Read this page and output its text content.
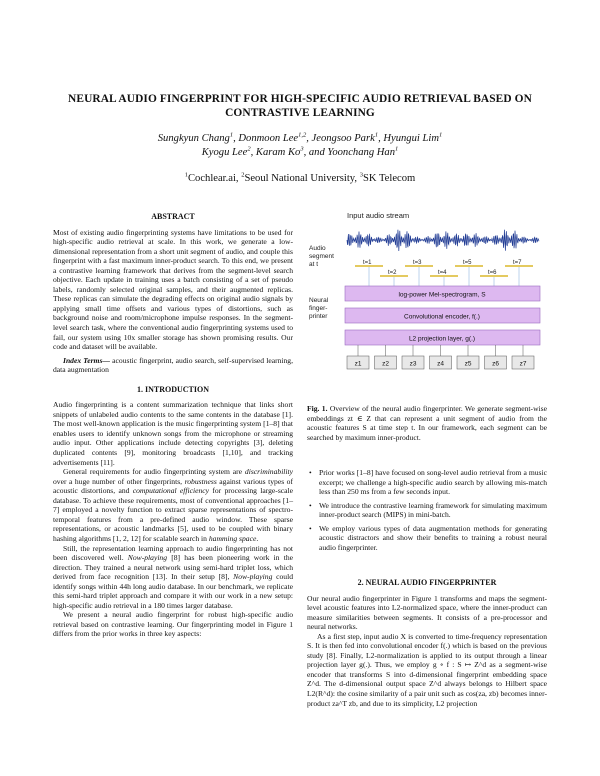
NEURAL AUDIO FINGERPRINT FOR HIGH-SPECIFIC AUDIO RETRIEVAL BASED ON CONTRASTIVE LEARNING
Sungkyun Chang$^1$, Donmoon Lee$^{1,2}$, Jeongsoo Park$^1$, Hyungui Lim$^1$
Kyogu Lee$^2$, Karam Ko$^3$, and Yoonchang Han$^1$
$^1$Cochlear.ai, $^2$Seoul National University, $^3$SK Telecom

ABSTRACT

Most of existing audio fingerprinting systems have limitations to be used for high-specific audio retrieval at scale. In this work, we generate a low-dimensional representation from a short unit segment of audio, and couple this fingerprint with a fast maximum inner-product search. To this end, we present a contrastive learning framework that derives from the segment-level search objective. Each update in training uses a batch consisting of a set of pseudo labels, randomly selected original samples, and their augmented replicas. These replicas can simulate the degrading effects on original audio signals by applying small time offsets and various types of distortions, such as background noise and room/microphone impulse responses. In the segment-level search task, where the conventional audio fingerprinting systems used to fail, our system using 10x smaller storage has shown promising results. Our code and dataset will be available.

Index Terms— acoustic fingerprint, audio search, self-supervised learning, data augmentation

1. INTRODUCTION

Audio fingerprinting is a content summarization technique that links short snippets of unlabeled audio contents to the same contents in the database [1]. The most well-known application is the music fingerprinting system [1–8] that enables users to identify unknown songs from the microphone or streaming audio input. Other applications include detecting copyrights [3], deleting duplicated contents [9], monitoring broadcasts [1,10], and tracking advertisements [11].

General requirements for audio fingerprinting system are discriminability over a huge number of other fingerprints, robustness against various types of acoustic distortions, and computational efficiency for processing large-scale database. To achieve these requirements, most of conventional approaches [1–7] employed a novelty function to extract sparse representations of spectro-temporal features from a pre-defined audio window. These sparse representations, or acoustic landmarks [5], used to be coupled with binary hashing algorithms [1, 2, 12] for scalable search in hamming space.

Still, the representation learning approach to audio fingerprinting has not been discovered well. Now-playing [8] has been pioneering work in the direction. They trained a neural network using semi-hard triplet loss, which derived from face recognition [13]. In their setup [8], Now-playing could identify songs within 44h long audio database. In our benchmark, we replicate this semi-hard triplet approach and compare it with our work in a new setup: high-specific audio retrieval in a 180 times larger database.

We present a neural audio fingerprint for robust high-specific audio retrieval based on contrastive learning. Our fingerprinting model in Figure 1 differs from the prior works in three key aspects:

Input audio stream
Audio segment at t	t=1
t=2
t=3
t=4
t=5
t=6
t=7
Neural finger-printer
log-power Mel-spectrogram, S
Convolutional encoder, f(.)
L2 projection layer, g(.)
z1	z2	z3	z4	z5	z6	z7

Fig. 1. Overview of the neural audio fingerprinter. We generate segment-wise embeddings zt ∈ Z that can represent a unit segment of audio from the acoustic features S at time step t. In our framework, each segment can be searched by maximum inner-product.

• Prior works [1–8] have focused on song-level audio retrieval from a music excerpt; we challenge a high-specific audio search by allowing mis-match less than 250 ms from a few seconds input.
• We introduce the contrastive learning framework for simulating maximum inner-product search (MIPS) in mini-batch.
• We employ various types of data augmentation methods for generating acoustic distractors and show their benefits to training a robust neural audio fingerprinter.

2. NEURAL AUDIO FINGERPRINTER

Our neural audio fingerprinter in Figure 1 transforms and maps the segment-level acoustic features into L2-normalized space, where the inner-product can measure similarities between segments. It consists of a pre-processor and neural networks.

As a first step, input audio X is converted to time-frequency representation S. It is then fed into convolutional encoder f(.) which is based on the previous study [8]. Finally, L2-normalization is applied to its output through a linear projection layer g(.). Thus, we employ g ∘ f : S ↦ Z^d as a segment-wise encoder that transforms S into d-dimensional fingerprint embedding space Z^d. The d-dimensional output space Z^d always belongs to Hilbert space L2(R^d): the cosine similarity of a pair unit such as cos(za, zb) becomes inner-product za^T zb, and due to its simplicity, L2 projection
